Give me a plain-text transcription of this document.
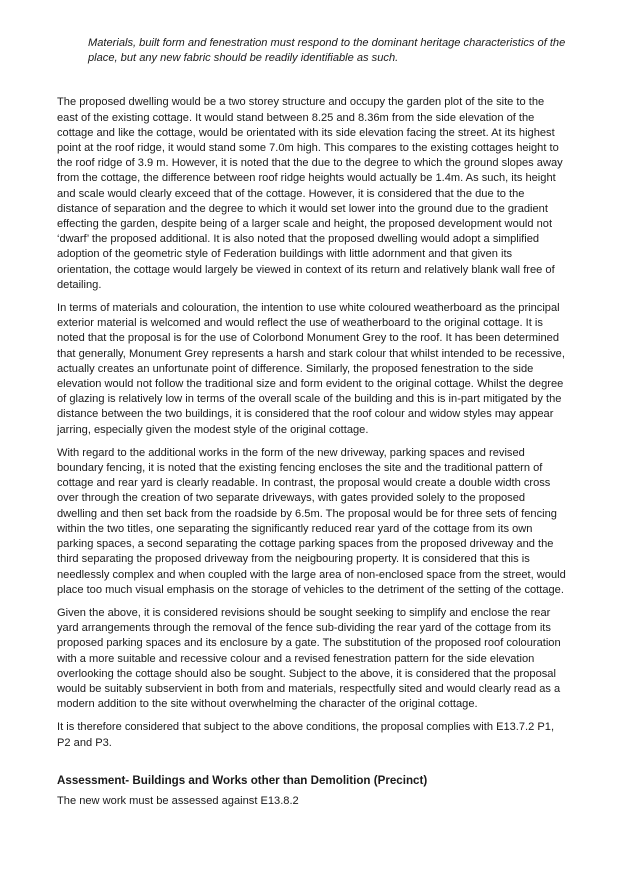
Materials, built form and fenestration must respond to the dominant heritage characteristics of the place, but any new fabric should be readily identifiable as such.

The proposed dwelling would be a two storey structure and occupy the garden plot of the site to the east of the existing cottage. It would stand between 8.25 and 8.36m from the side elevation of the cottage and like the cottage, would be orientated with its side elevation facing the street. At its highest point at the roof ridge, it would stand some 7.0m high. This compares to the existing cottages height to the roof ridge of 3.9 m. However, it is noted that the due to the degree to which the ground slopes away from the cottage, the difference between roof ridge heights would actually be 1.4m. As such, its height and scale would clearly exceed that of the cottage. However, it is considered that the due to the distance of separation and the degree to which it would set lower into the ground due to the gradient effecting the garden, despite being of a larger scale and height, the proposed development would not ‘dwarf’ the proposed additional. It is also noted that the proposed dwelling would adopt a simplified adoption of the geometric style of Federation buildings with little adornment and that given its orientation, the cottage would largely be viewed in context of its return and relatively blank wall free of detailing.

In terms of materials and colouration, the intention to use white coloured weatherboard as the principal exterior material is welcomed and would reflect the use of weatherboard to the original cottage. It is noted that the proposal is for the use of Colorbond Monument Grey to the roof. It has been determined that generally, Monument Grey represents a harsh and stark colour that whilst intended to be recessive, actually creates an unfortunate point of difference. Similarly, the proposed fenestration to the side elevation would not follow the traditional size and form evident to the original cottage. Whilst the degree of glazing is relatively low in terms of the overall scale of the building and this is in-part mitigated by the distance between the two buildings, it is considered that the roof colour and widow styles may appear jarring, especially given the modest style of the original cottage.

With regard to the additional works in the form of the new driveway, parking spaces and revised boundary fencing, it is noted that the existing fencing encloses the site and the traditional pattern of cottage and rear yard is clearly readable. In contrast, the proposal would create a double width cross over through the creation of two separate driveways, with gates provided solely to the proposed dwelling and then set back from the roadside by 6.5m. The proposal would be for three sets of fencing within the two titles, one separating the significantly reduced rear yard of the cottage from its own parking spaces, a second separating the cottage parking spaces from the proposed driveway and the third separating the proposed driveway from the neigbouring property. It is considered that this is needlessly complex and when coupled with the large area of non-enclosed space from the street, would place too much visual emphasis on the storage of vehicles to the detriment of the setting of the cottage.

Given the above, it is considered revisions should be sought seeking to simplify and enclose the rear yard arrangements through the removal of the fence sub-dividing the rear yard of the cottage from its proposed parking spaces and its enclosure by a gate. The substitution of the proposed roof colouration with a more suitable and recessive colour and a revised fenestration pattern for the side elevation overlooking the cottage should also be sought. Subject to the above, it is considered that the proposal would be suitably subservient in both from and materials, respectfully sited and would clearly read as a modern addition to the site without overwhelming the character of the original cottage.

It is therefore considered that subject to the above conditions, the proposal complies with E13.7.2 P1, P2 and P3.

Assessment- Buildings and Works other than Demolition (Precinct)

The new work must be assessed against E13.8.2
